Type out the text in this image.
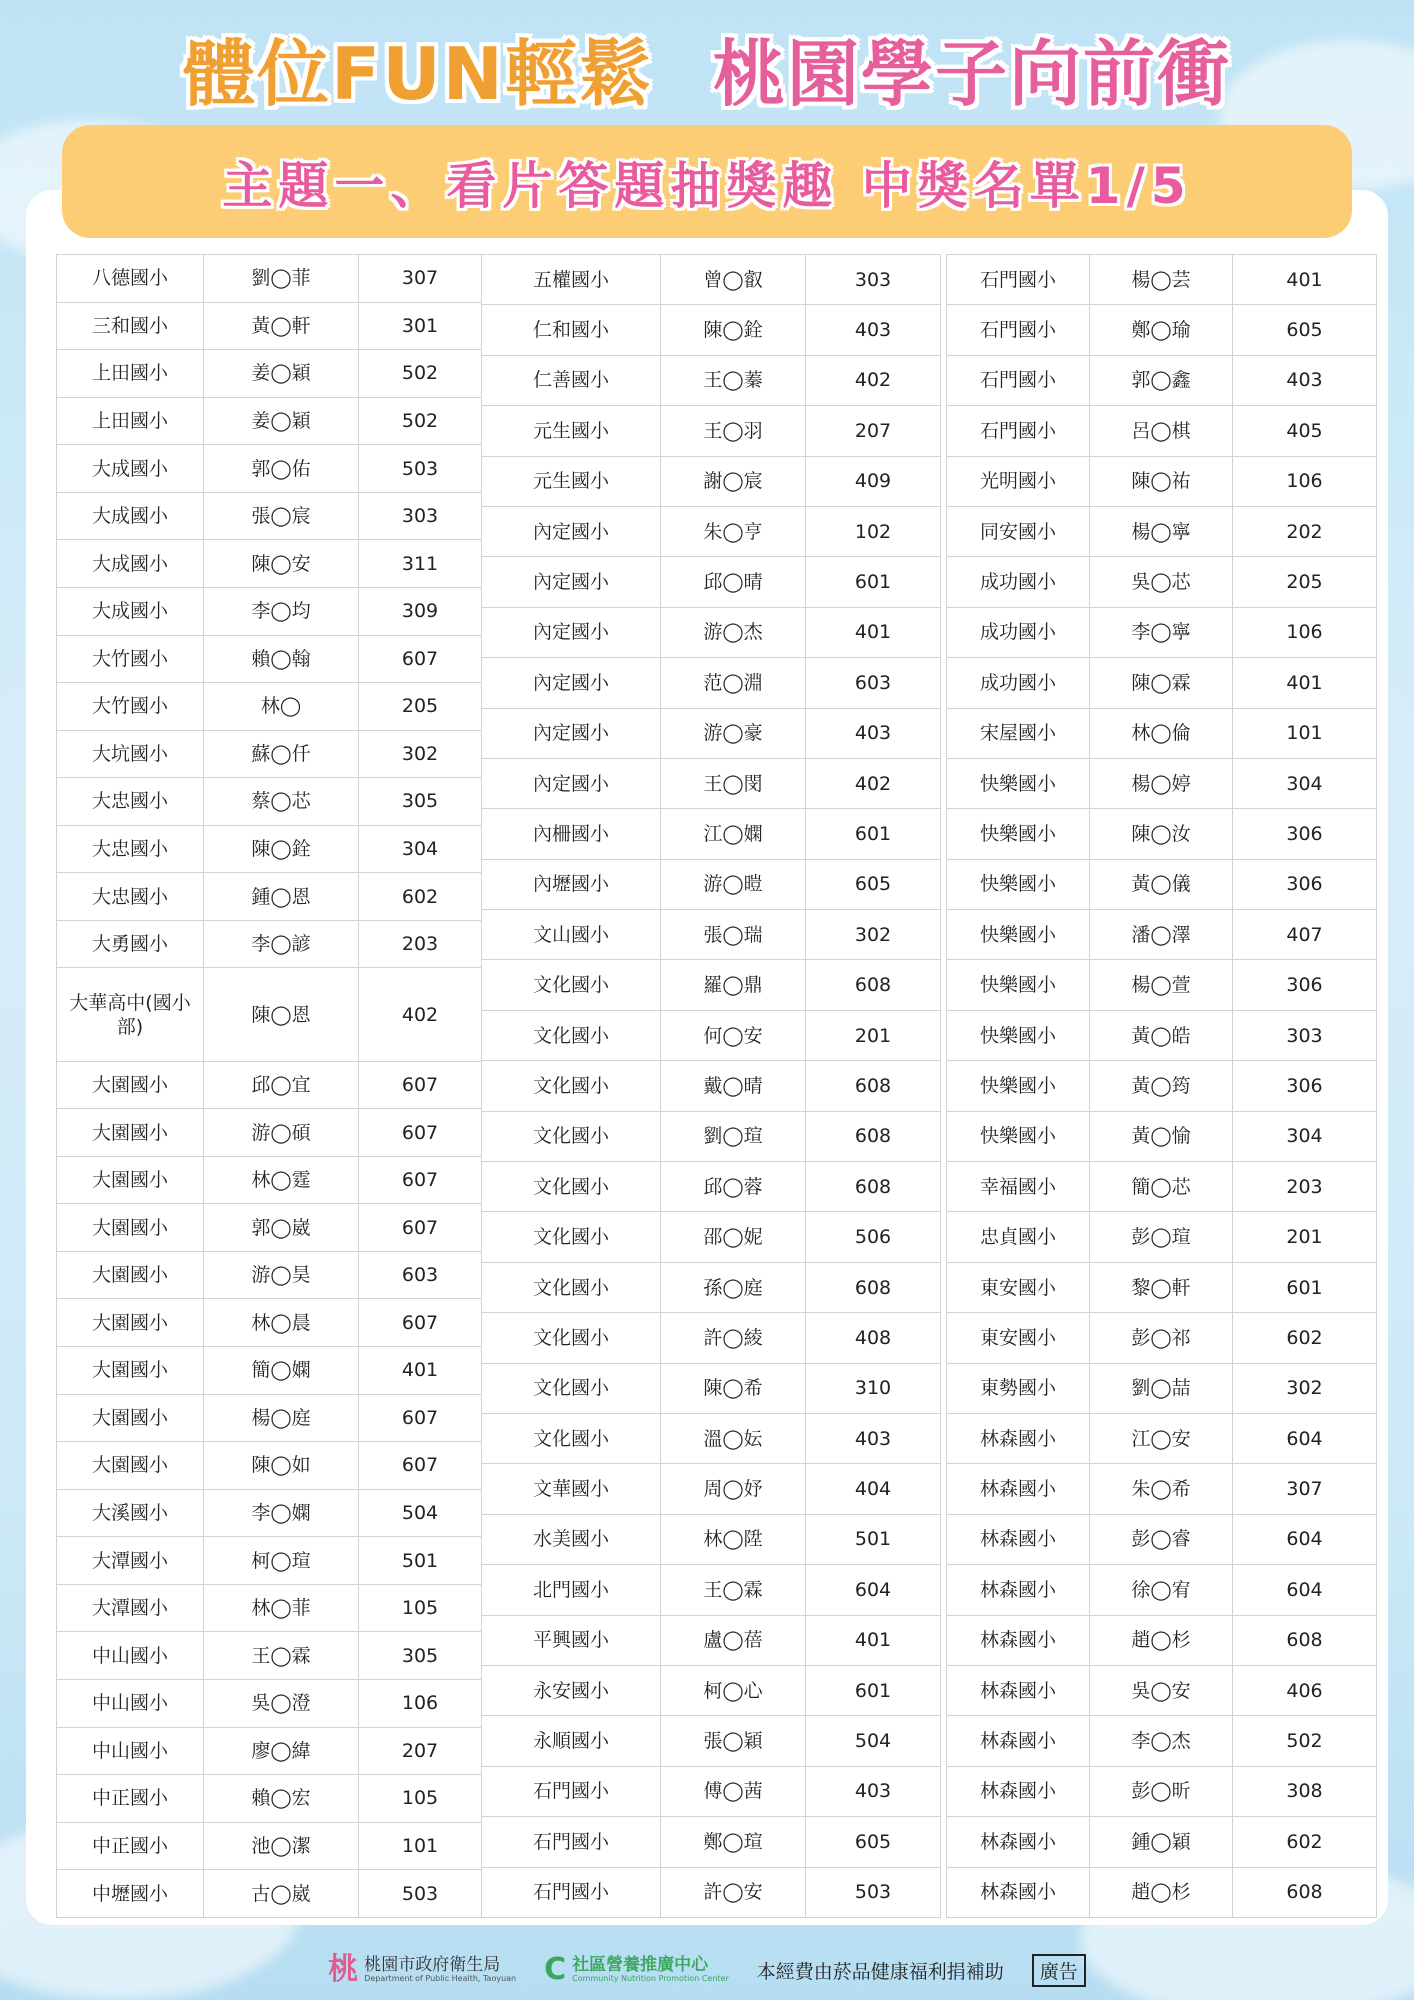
體位FUN輕鬆 桃園學子向前衝
主題一、看片答題抽獎趣 中獎名單1/5
八德國小	劉◯菲	307
三和國小	黃◯軒	301
上田國小	姜◯穎	502
上田國小	姜◯穎	502
大成國小	郭◯佑	503
大成國小	張◯宸	303
大成國小	陳◯安	311
大成國小	李◯均	309
大竹國小	賴◯翰	607
大竹國小	林◯	205
大坑國小	蘇◯仟	302
大忠國小	蔡◯芯	305
大忠國小	陳◯銓	304
大忠國小	鍾◯恩	602
大勇國小	李◯諺	203
大華高中(國小部)	陳◯恩	402
大園國小	邱◯宜	607
大園國小	游◯碩	607
大園國小	林◯霆	607
大園國小	郭◯崴	607
大園國小	游◯昊	603
大園國小	林◯晨	607
大園國小	簡◯嫻	401
大園國小	楊◯庭	607
大園國小	陳◯如	607
大溪國小	李◯嫻	504
大潭國小	柯◯瑄	501
大潭國小	林◯菲	105
中山國小	王◯霖	305
中山國小	吳◯澄	106
中山國小	廖◯緯	207
中正國小	賴◯宏	105
中正國小	池◯潔	101
中壢國小	古◯崴	503
五權國小	曾◯叡	303
仁和國小	陳◯銓	403
仁善國小	王◯蓁	402
元生國小	王◯羽	207
元生國小	謝◯宸	409
內定國小	朱◯亨	102
內定國小	邱◯晴	601
內定國小	游◯杰	401
內定國小	范◯淵	603
內定國小	游◯豪	403
內定國小	王◯閔	402
內柵國小	江◯嫻	601
內壢國小	游◯暟	605
文山國小	張◯瑞	302
文化國小	羅◯鼎	608
文化國小	何◯安	201
文化國小	戴◯晴	608
文化國小	劉◯瑄	608
文化國小	邱◯蓉	608
文化國小	邵◯妮	506
文化國小	孫◯庭	608
文化國小	許◯綾	408
文化國小	陳◯希	310
文化國小	溫◯妘	403
文華國小	周◯妤	404
水美國小	林◯陞	501
北門國小	王◯霖	604
平興國小	盧◯蓓	401
永安國小	柯◯心	601
永順國小	張◯穎	504
石門國小	傅◯茜	403
石門國小	鄭◯瑄	605
石門國小	許◯安	503
石門國小	楊◯芸	401
石門國小	鄭◯瑜	605
石門國小	郭◯鑫	403
石門國小	呂◯棋	405
光明國小	陳◯祐	106
同安國小	楊◯寧	202
成功國小	吳◯芯	205
成功國小	李◯寧	106
成功國小	陳◯霖	401
宋屋國小	林◯倫	101
快樂國小	楊◯婷	304
快樂國小	陳◯汝	306
快樂國小	黃◯儀	306
快樂國小	潘◯澤	407
快樂國小	楊◯萱	306
快樂國小	黃◯皓	303
快樂國小	黃◯筠	306
快樂國小	黃◯愉	304
幸福國小	簡◯芯	203
忠貞國小	彭◯瑄	201
東安國小	黎◯軒	601
東安國小	彭◯祁	602
東勢國小	劉◯喆	302
林森國小	江◯安	604
林森國小	朱◯希	307
林森國小	彭◯睿	604
林森國小	徐◯宥	604
林森國小	趙◯杉	608
林森國小	吳◯安	406
林森國小	李◯杰	502
林森國小	彭◯昕	308
林森國小	鍾◯穎	602
林森國小	趙◯杉	608
桃 桃園市政府衛生局
Department of Public Health, Taoyuan C 社區營養推廣中心
Community Nutrition Promotion Center 本經費由菸品健康福利捐補助	廣告
